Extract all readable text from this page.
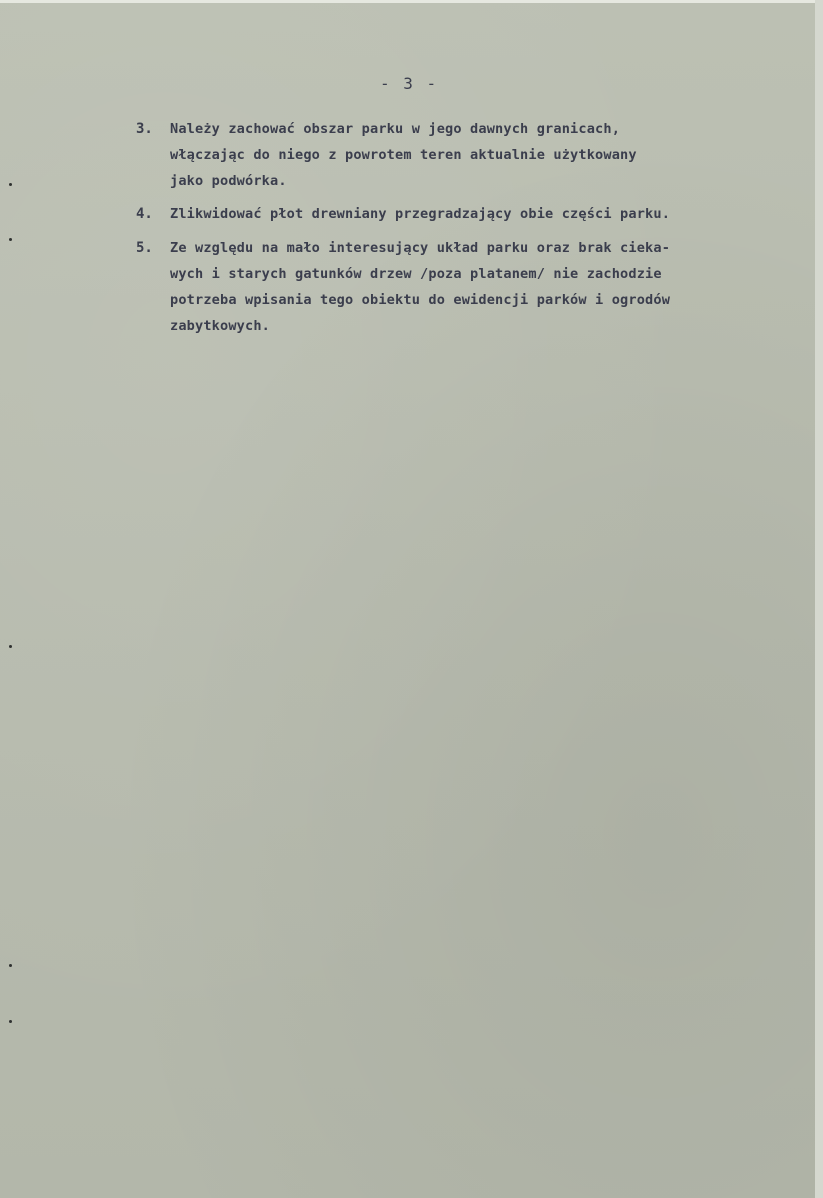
- 3 -
3. Należy zachować obszar parku w jego dawnych granicach,
włączając do niego z powrotem teren aktualnie użytkowany
jako podwórka.
4. Zlikwidować płot drewniany przegradzający obie części parku.
5. Ze względu na mało interesujący układ parku oraz brak cieka-
wych i starych gatunków drzew /poza platanem/ nie zachodzie
potrzeba wpisania tego obiektu do ewidencji parków i ogrodów
zabytkowych.
